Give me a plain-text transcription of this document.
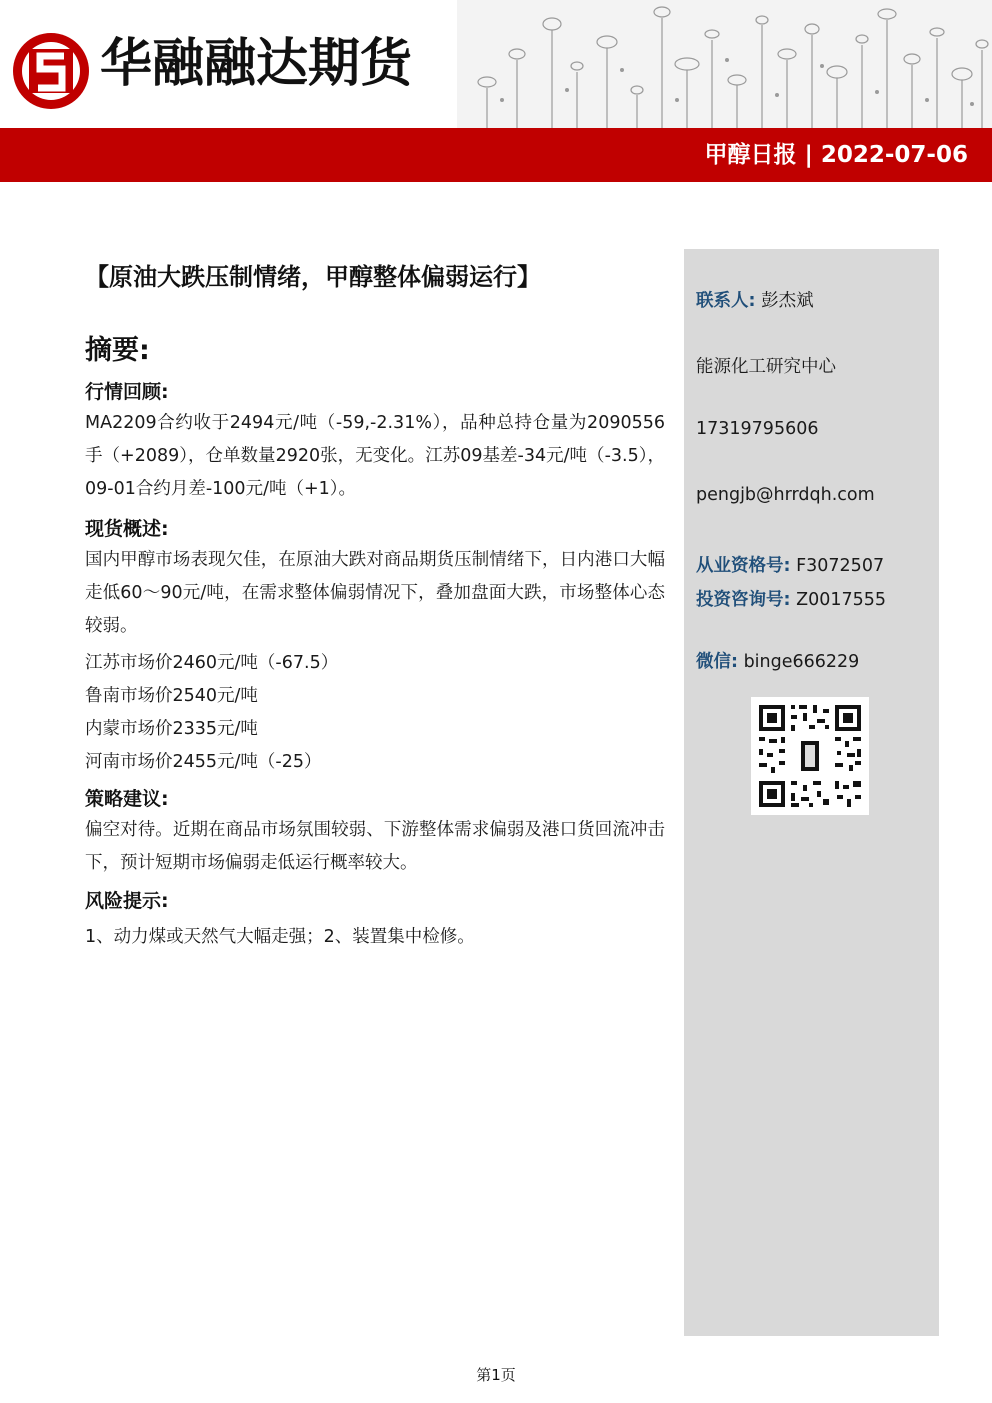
华融融达期货
甲醇日报 | 2022-07-06
【原油大跌压制情绪，甲醇整体偏弱运行】
摘要:
行情回顾:
MA2209合约收于2494元/吨（-59,-2.31%），品种总持仓量为2090556手（+2089），仓单数量2920张，无变化。江苏09基差-34元/吨（-3.5），09-01合约月差-100元/吨（+1）。
现货概述:
国内甲醇市场表现欠佳，在原油大跌对商品期货压制情绪下，日内港口大幅走低60～90元/吨，在需求整体偏弱情况下，叠加盘面大跌，市场整体心态较弱。
江苏市场价2460元/吨（-67.5）
鲁南市场价2540元/吨
内蒙市场价2335元/吨
河南市场价2455元/吨（-25）
策略建议:
偏空对待。近期在商品市场氛围较弱、下游整体需求偏弱及港口货回流冲击下，预计短期市场偏弱走低运行概率较大。
风险提示:
1、动力煤或天然气大幅走强；2、装置集中检修。
联系人: 彭杰斌
能源化工研究中心
17319795606
pengjb@hrrdqh.com
从业资格号: F3072507
投资咨询号: Z0017555
微信: binge666229
第1页
